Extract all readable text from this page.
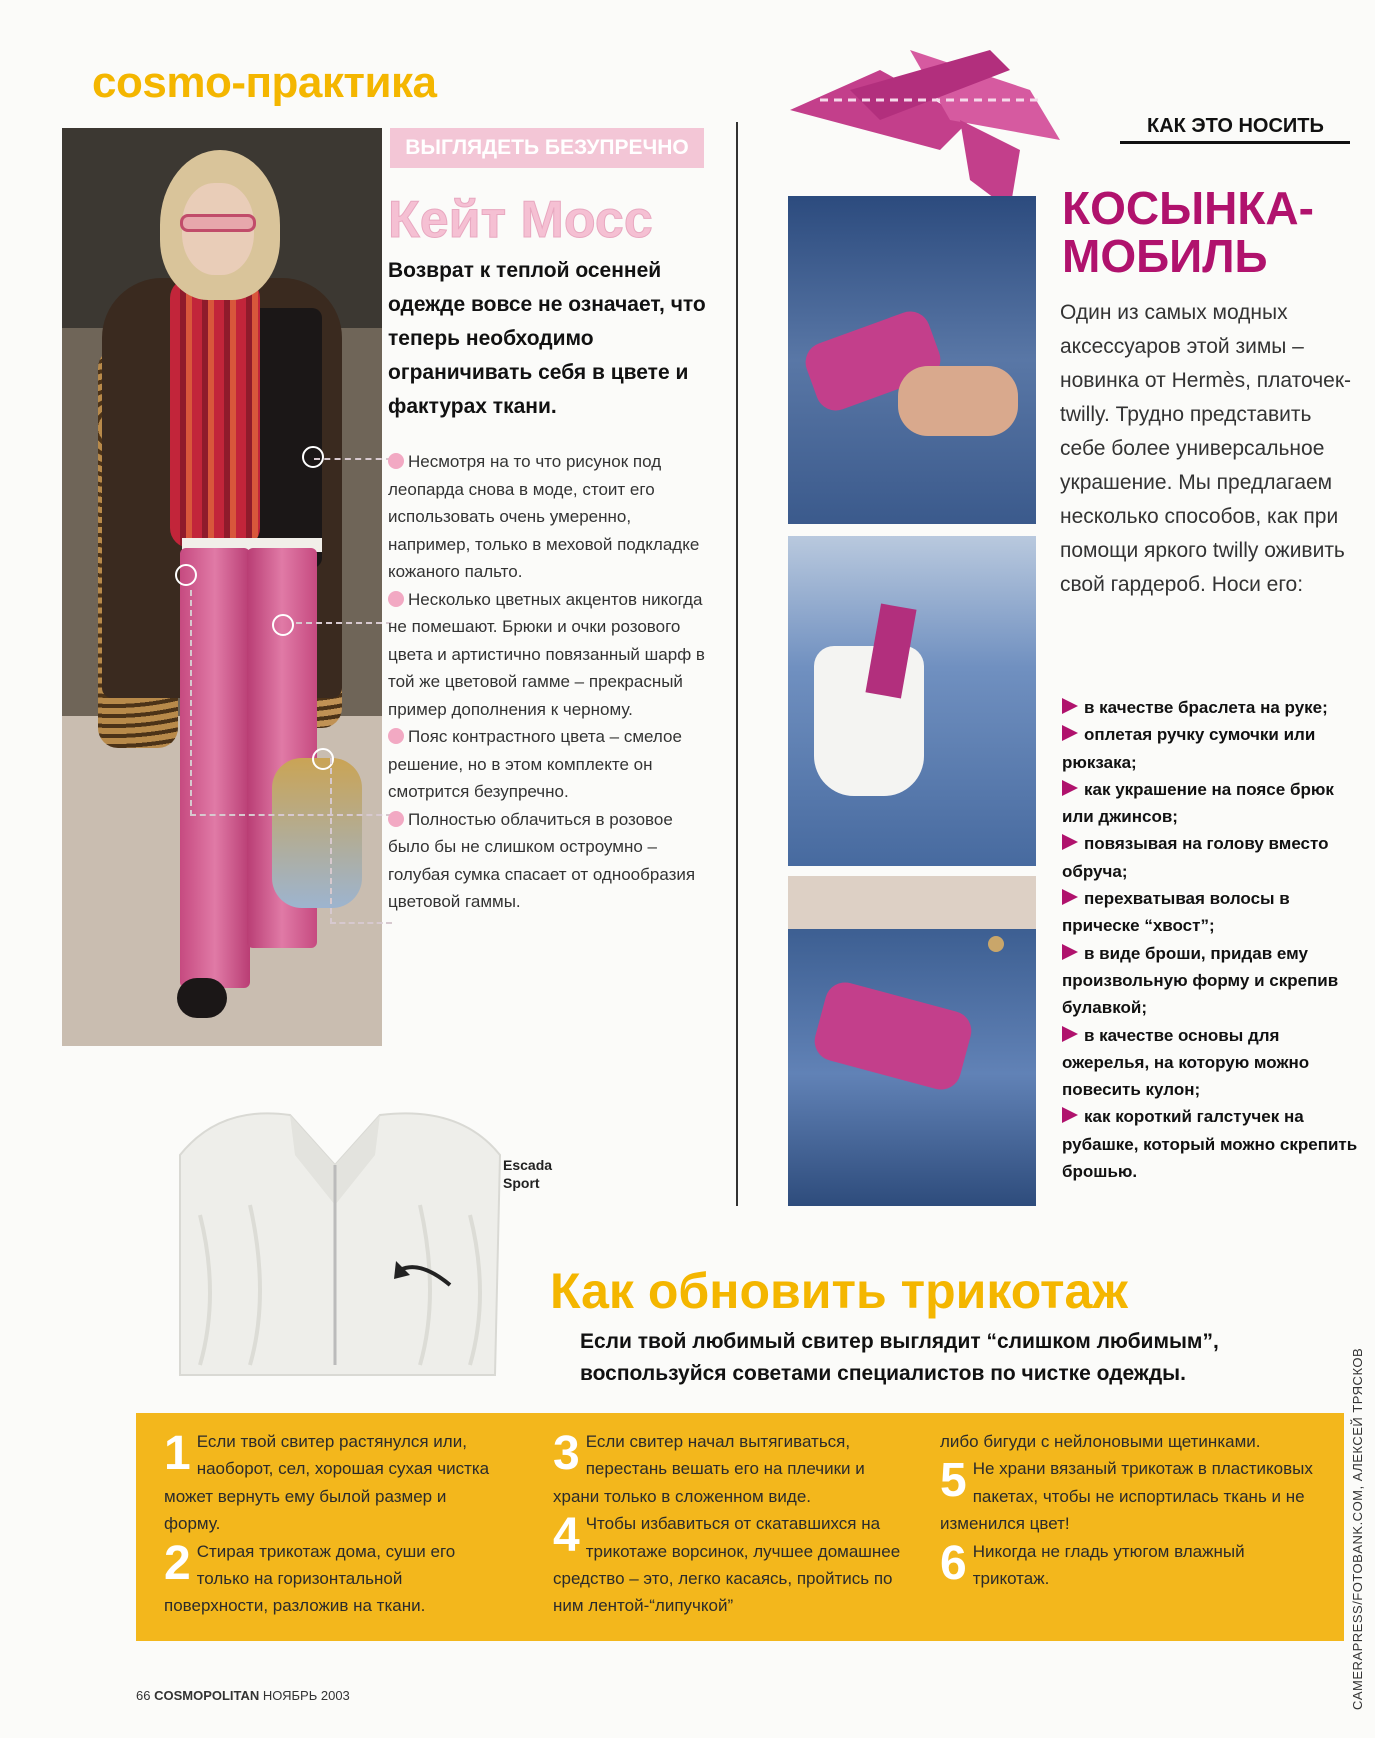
cosmo-практика
ВЫГЛЯДЕТЬ БЕЗУПРЕЧНО
Кейт Мосс
Возврат к теплой осенней одежде вовсе не означает, что теперь необходимо ограничивать себя в цвете и фактурах ткани.

Несмотря на то что рисунок под леопарда снова в моде, стоит его использовать очень умеренно, например, только в меховой подкладке кожаного пальто.

Несколько цветных акцентов никогда не помешают. Брюки и очки розового цвета и артистично повязанный шарф в той же цветовой гамме – прекрасный пример дополнения к черному.

Пояс контрастного цвета – смелое решение, но в этом комплекте он смотрится безупречно.

Полностью облачиться в розовое было бы не слишком остроумно – голубая сумка спасает от однообразия цветовой гаммы.

КАК ЭТО НОСИТЬ
КОСЫНКА-
МОБИЛЬ
Один из самых модных аксессуаров этой зимы – новинка от Hermès, платочек-twilly. Трудно представить себе более универсальное украшение. Мы предлагаем несколько способов, как при помощи яркого twilly оживить свой гардероб. Носи его:

в качестве браслета на руке;

оплетая ручку сумочки или рюкзака;

как украшение на поясе брюк или джинсов;

повязывая на голову вместо обруча;

перехватывая волосы в прическе “хвост”;

в виде броши, придав ему произвольную форму и скрепив булавкой;

в качестве основы для ожерелья, на которую можно повесить кулон;

как короткий галстучек на рубашке, который можно скрепить брошью.

Escada
Sport
Как обновить трикотаж
Если твой любимый свитер выглядит “слишком любимым”, воспользуйся советами специалистов по чистке одежды.
1 Если твой свитер растянулся или, наоборот, сел, хорошая сухая чистка может вернуть ему былой размер и форму.
2 Стирая трикотаж дома, суши его только на горизонтальной поверхности, разложив на ткани.
3 Если свитер начал вытягиваться, перестань вешать его на плечики и храни только в сложенном виде.
4 Чтобы избавиться от скатавшихся на трикотаже ворсинок, лучшее домашнее средство – это, легко касаясь, пройтись по ним лентой-“липучкой”
либо бигуди с нейлоновыми щетинками.
5 Не храни вязаный трикотаж в пластиковых пакетах, чтобы не испортилась ткань и не изменился цвет!
6 Никогда не гладь утюгом влажный трикотаж.
66 COSMOPOLITAN НОЯБРЬ 2003	CAMERAPRESS/FOTOBANK.COM, АЛЕКСЕЙ ТРЯСКОВ
